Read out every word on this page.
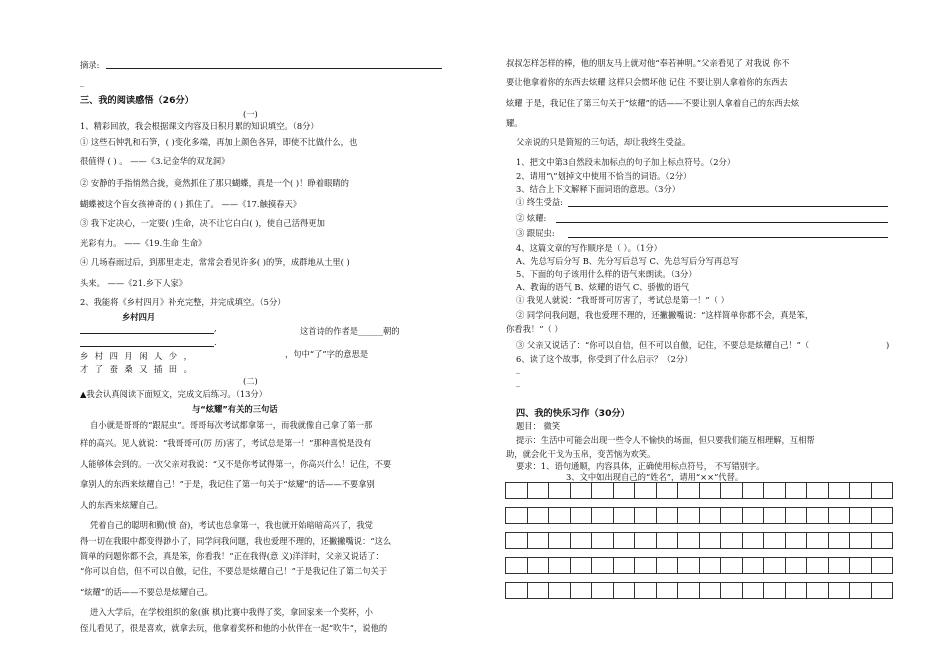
摘录:
_
三、我的阅读感悟（26分）
(一)
1、精彩回放，我会根据课文内容及日积月累的知识填空。（8分）
① 这些石钟乳和石笋，( )变化多端，再加上颜色各异，即使不比做什么，也
很值得 ( ) 。 ——《3.记金华的双龙洞》
② 安静的手指悄然合拢，竟然抓住了那只蝴蝶，真是一个( )！睁着眼睛的
蝴蝶被这个盲女孩神奇的 ( ) 抓住了。 ——《17.触摸春天》
③ 我下定决心，一定要( )生命，决不让它白白( )，使自己活得更加
光彩有力。 ——《19.生命 生命》
④ 几场春雨过后，到那里走走，常常会看见许多( )的笋，成群地从土里( )
头来。 ——《21.乡下人家》
2、我能将《乡村四月》补充完整，并完成填空。（5分）
乡村四月
,	这首诗的作者是______朝的
.
乡村四月闲人少，	，句中“了”字的意思是
才了蚕桑又插田。
(二)
▲我会认真阅读下面短文，完成文后练习。（13分）
与“炫耀”有关的三句话
自小就是哥哥的“跟屁虫”。哥哥每次考试都拿第一，而我就像自己拿了第一那
样的高兴。见人就说：“我哥哥可(厉 历)害了，考试总是第一！”那种喜悦是没有
人能够体会到的。一次父亲对我说：“又不是你考试得第一，你高兴什么！记住，不要
拿别人的东西来炫耀自己！”于是，我记住了第一句关于“炫耀”的话——不要拿别
人的东西来炫耀自己。
凭着自己的聪明和勤(愤 奋)，考试也总拿第一，我也就开始暗暗高兴了，我觉
得一切在我眼中都变得渺小了，同学问我问题，我也爱理不理的，还撇撇嘴说：“这么
简单的问题你都不会，真是笨，你看我！”正在我得(意 义)洋洋时，父亲又说话了：
“你可以自信，但不可以自傲，记住，不要总是炫耀自己！”于是我记住了第二句关于
“炫耀”的话——不要总是炫耀自己。
进入大学后，在学校组织的象(旗 棋)比赛中我得了奖，拿回家来一个奖杯，小
侄儿看见了，很是喜欢，就拿去玩，他拿着奖杯和他的小伙伴在一起“吹牛”，说他的
叔叔怎样怎样的棒，他的朋友马上就对他“奉若神明。”父亲看见了 对我说 你不
要让他拿着你的东西去炫耀 这样只会惯坏他 记住 不要让别人拿着你的东西去
炫耀 于是，我记住了第三句关于“炫耀”的话——不要让别人拿着自己的东西去炫
耀。
父亲说的只是简短的三句话，却让我终生受益。
1、把文中第3自然段未加标点的句子加上标点符号。（2分）
2、请用“\”划掉文中使用不恰当的词语。（2分）
3、结合上下文解释下面词语的意思。（3分）
① 终生受益:
② 炫耀:
③ 跟屁虫:
4、这篇文章的写作顺序是（ ）。（1分）
A、先总写后分写 B、先分写后总写 C、先总写后分写再总写
5、下面的句子该用什么样的语气来朗读。（3分）
A、教诲的语气 B、炫耀的语气 C、骄傲的语气
① 我见人就说：“我哥哥可厉害了，考试总是第一！”（ ）
② 同学问我问题，我也爱理不理的，还撇撇嘴说：“这样简单你都不会，真是笨，
你看我！”（ ）
③ 父亲又说话了：“你可以自信，但不可以自傲，记住，不要总是炫耀自己！”（	)
6、读了这个故事，你受到了什么启示？（2分）
_
_
四、我的快乐习作（30分）
题目： 微笑
提示：生活中可能会出现一些令人不愉快的场面，但只要我们能互相理解，互相帮
助，就会化干戈为玉帛，变苦恼为欢笑。
要求：1、语句通顺，内容具体，正确使用标点符号， 不写错别字。
3、文中如出现自己的“姓名”，请用“××”代替。
